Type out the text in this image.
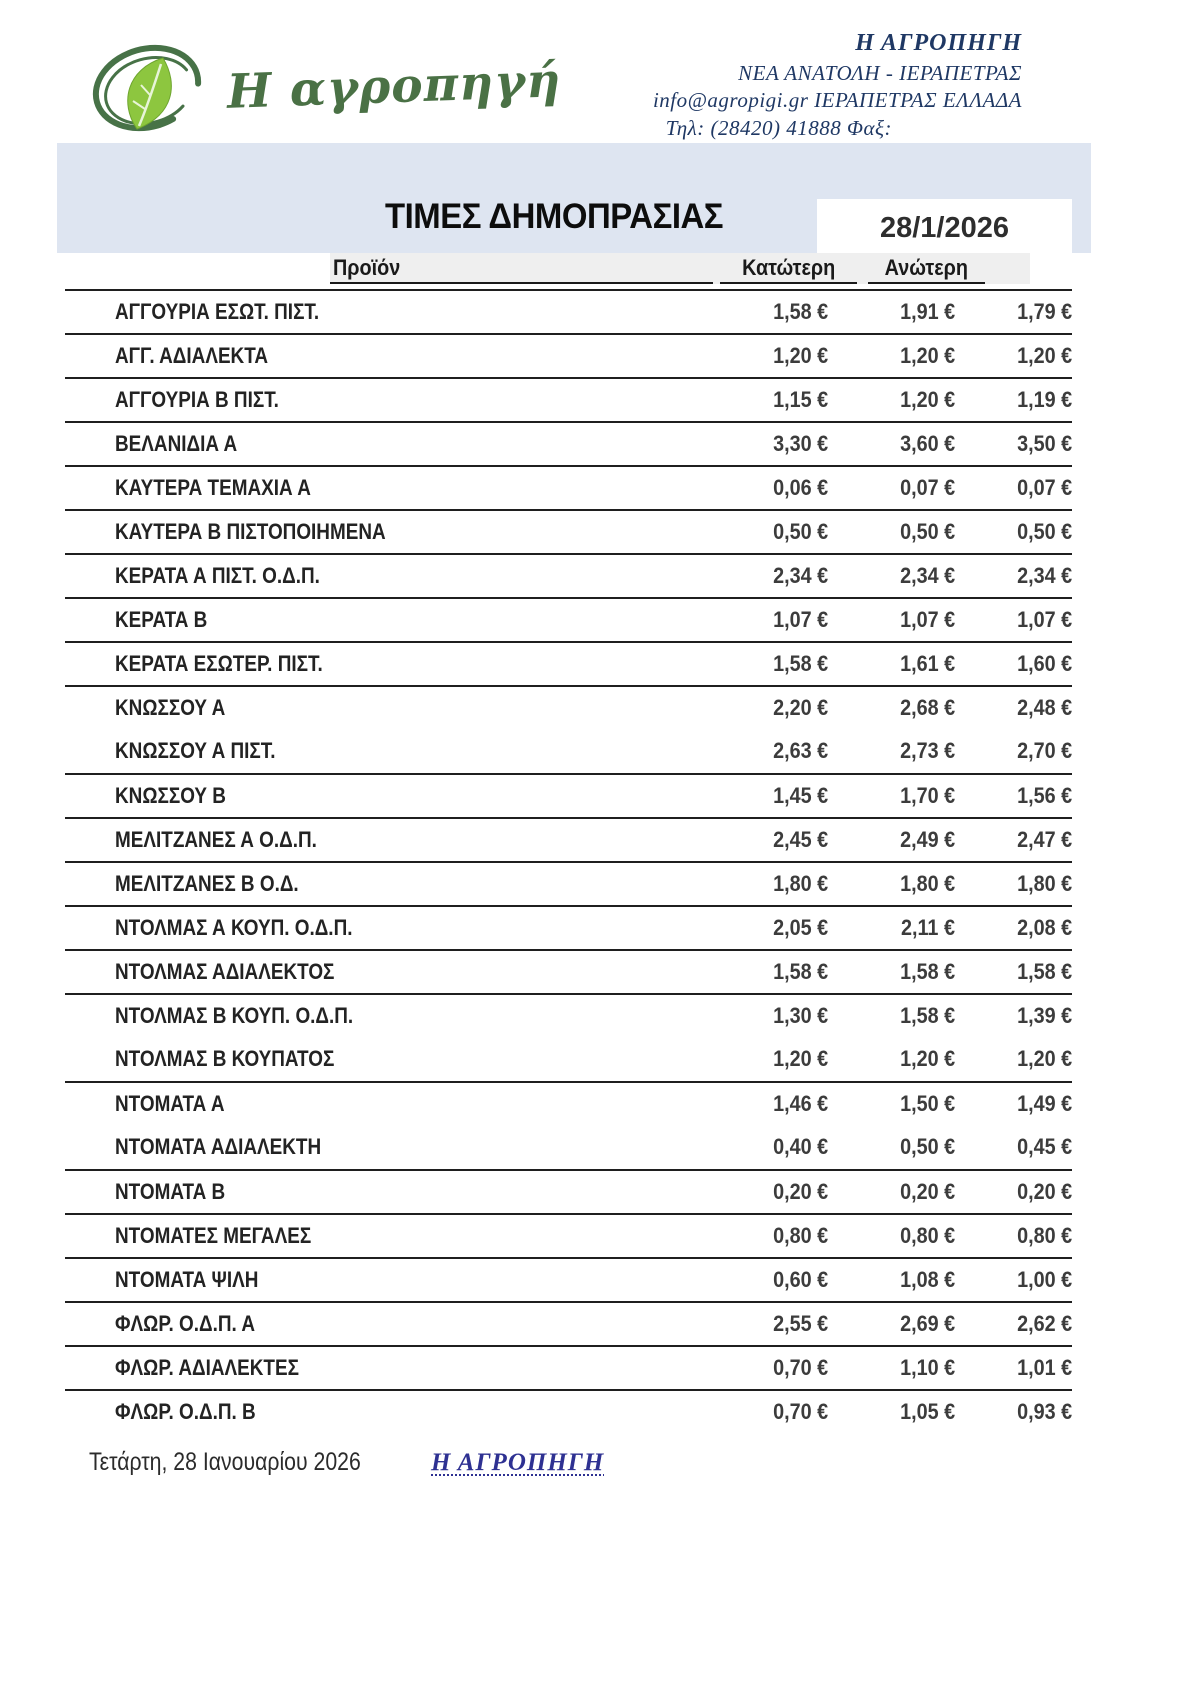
Η αγροπηγή
Η ΑΓΡΟΠΗΓΗ
ΝΕΑ ΑΝΑΤΟΛΗ - ΙΕΡΑΠΕΤΡΑΣ
info@agropigi.gr ΙΕΡΑΠΕΤΡΑΣ ΕΛΛΑΔΑ
Τηλ: (28420) 41888 Φαξ:
ΤΙΜΕΣ ΔΗΜΟΠΡΑΣΙΑΣ	28/1/2026
Προϊόν	Κατώτερη Ανώτερη
ΑΓΓΟΥΡΙΑ ΕΣΩΤ. ΠΙΣΤ.	1,58 €	1,91 €	1,79 €
ΑΓΓ. ΑΔΙΑΛΕΚΤΑ	1,20 €	1,20 €	1,20 €
ΑΓΓΟΥΡΙΑ Β ΠΙΣΤ.	1,15 €	1,20 €	1,19 €
ΒΕΛΑΝΙΔΙΑ Α	3,30 €	3,60 €	3,50 €
ΚΑΥΤΕΡΑ ΤΕΜΑΧΙΑ Α	0,06 €	0,07 €	0,07 €
ΚΑΥΤΕΡΑ Β ΠΙΣΤΟΠΟΙΗΜΕΝΑ	0,50 €	0,50 €	0,50 €
ΚΕΡΑΤΑ Α ΠΙΣΤ. Ο.Δ.Π.	2,34 €	2,34 €	2,34 €
ΚΕΡΑΤΑ Β	1,07 €	1,07 €	1,07 €
ΚΕΡΑΤΑ ΕΣΩΤΕΡ. ΠΙΣΤ.	1,58 €	1,61 €	1,60 €
ΚΝΩΣΣΟΥ Α	2,20 €	2,68 €	2,48 €
ΚΝΩΣΣΟΥ Α ΠΙΣΤ.	2,63 €	2,73 €	2,70 €
ΚΝΩΣΣΟΥ Β	1,45 €	1,70 €	1,56 €
ΜΕΛΙΤΖΑΝΕΣ Α Ο.Δ.Π.	2,45 €	2,49 €	2,47 €
ΜΕΛΙΤΖΑΝΕΣ Β Ο.Δ.	1,80 €	1,80 €	1,80 €
ΝΤΟΛΜΑΣ Α ΚΟΥΠ. Ο.Δ.Π.	2,05 €	2,11 €	2,08 €
ΝΤΟΛΜΑΣ ΑΔΙΑΛΕΚΤΟΣ	1,58 €	1,58 €	1,58 €
ΝΤΟΛΜΑΣ Β ΚΟΥΠ. Ο.Δ.Π.	1,30 €	1,58 €	1,39 €
ΝΤΟΛΜΑΣ Β ΚΟΥΠΑΤΟΣ	1,20 €	1,20 €	1,20 €
ΝΤΟΜΑΤΑ Α	1,46 €	1,50 €	1,49 €
ΝΤΟΜΑΤΑ ΑΔΙΑΛΕΚΤΗ	0,40 €	0,50 €	0,45 €
ΝΤΟΜΑΤΑ Β	0,20 €	0,20 €	0,20 €
ΝΤΟΜΑΤΕΣ ΜΕΓΑΛΕΣ	0,80 €	0,80 €	0,80 €
ΝΤΟΜΑΤΑ ΨΙΛΗ	0,60 €	1,08 €	1,00 €
ΦΛΩΡ. Ο.Δ.Π. Α	2,55 €	2,69 €	2,62 €
ΦΛΩΡ. ΑΔΙΑΛΕΚΤΕΣ	0,70 €	1,10 €	1,01 €
ΦΛΩΡ. Ο.Δ.Π. Β	0,70 €	1,05 €	0,93 €
Τετάρτη, 28 Ιανουαρίου 2026	Η ΑΓΡΟΠΗΓΗ
